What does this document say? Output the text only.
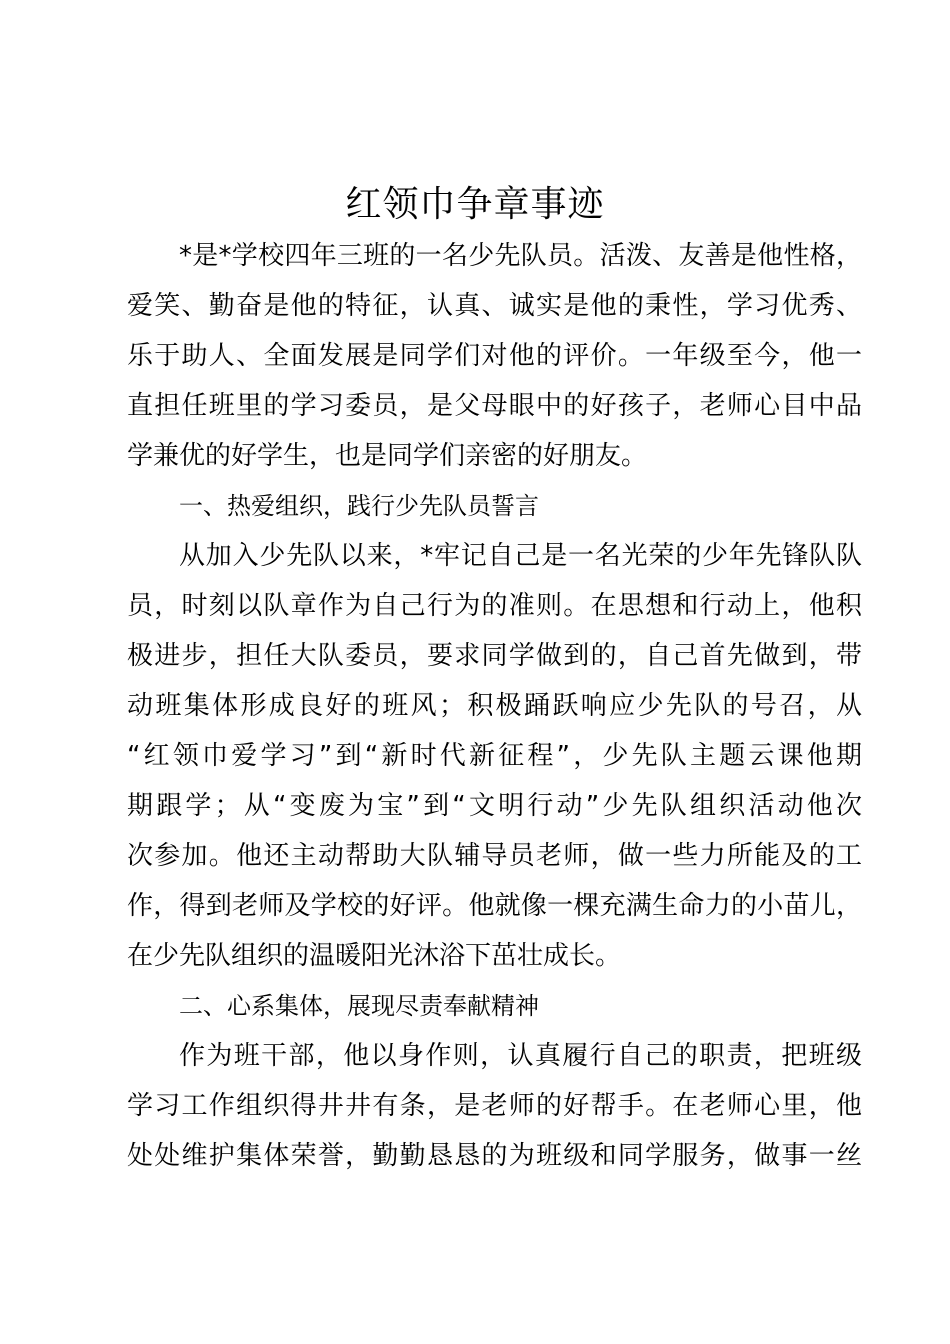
红领巾争章事迹
*是*学校四年三班的一名少先队员。活泼、友善是他性格，
爱笑、勤奋是他的特征，认真、诚实是他的秉性，学习优秀、
乐于助人、全面发展是同学们对他的评价。一年级至今，他一
直担任班里的学习委员，是父母眼中的好孩子，老师心目中品
学兼优的好学生，也是同学们亲密的好朋友。
一、热爱组织，践行少先队员誓言
从加入少先队以来，*牢记自己是一名光荣的少年先锋队队
员，时刻以队章作为自己行为的准则。在思想和行动上，他积
极进步，担任大队委员，要求同学做到的，自己首先做到，带
动班集体形成良好的班风；积极踊跃响应少先队的号召，从
“红领巾爱学习”到“新时代新征程”，少先队主题云课他期
期跟学；从“变废为宝”到“文明行动”少先队组织活动他次
次参加。他还主动帮助大队辅导员老师，做一些力所能及的工
作，得到老师及学校的好评。他就像一棵充满生命力的小苗儿，
在少先队组织的温暖阳光沐浴下茁壮成长。
二、心系集体，展现尽责奉献精神
作为班干部，他以身作则，认真履行自己的职责，把班级
学习工作组织得井井有条，是老师的好帮手。在老师心里，他
处处维护集体荣誉，勤勤恳恳的为班级和同学服务，做事一丝
